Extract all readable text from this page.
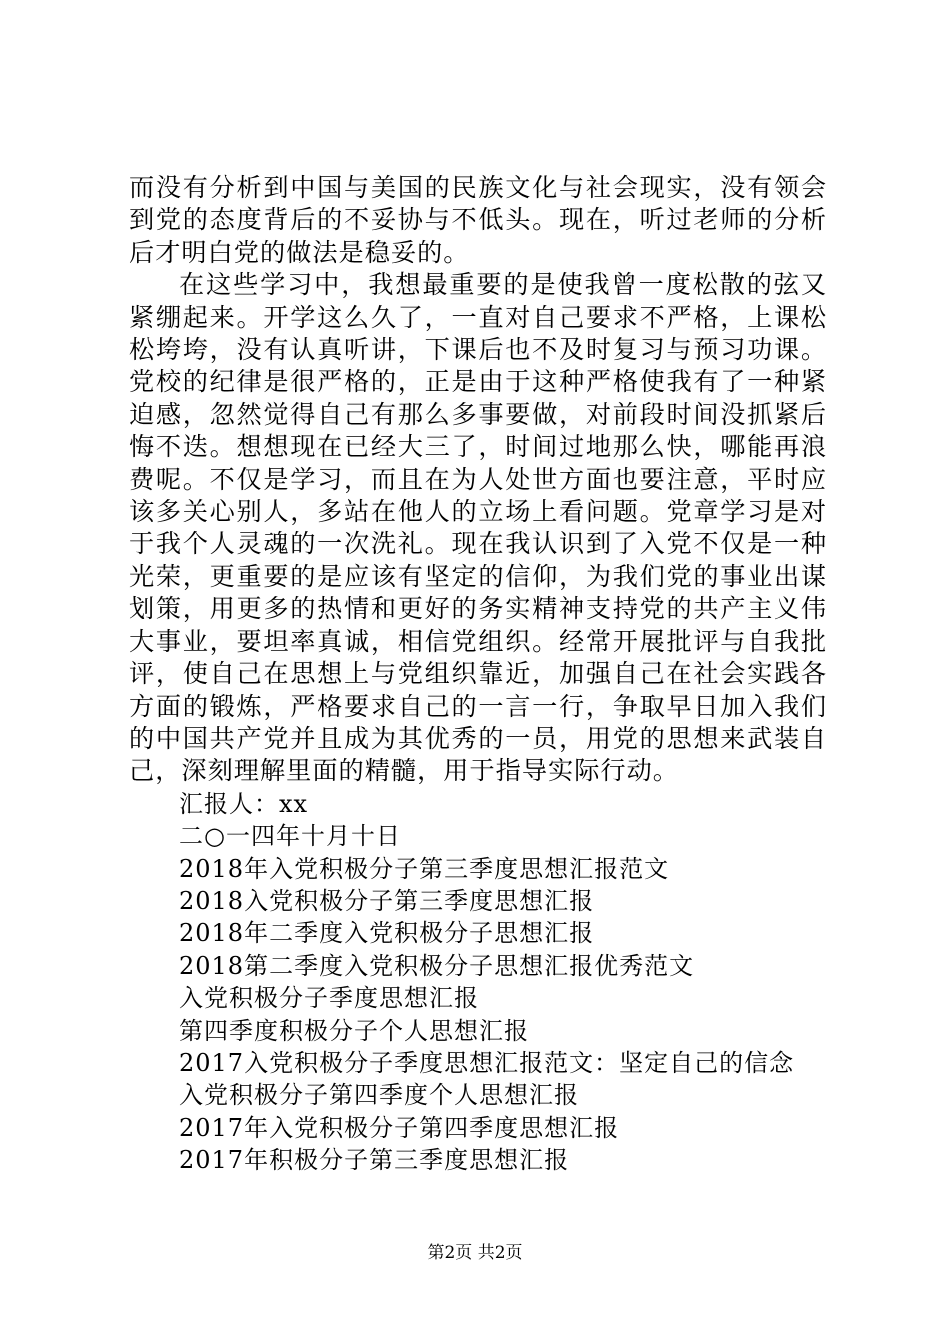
而没有分析到中国与美国的民族文化与社会现实，没有领会到党的态度背后的不妥协与不低头。现在，听过老师的分析后才明白党的做法是稳妥的。

在这些学习中，我想最重要的是使我曾一度松散的弦又紧绷起来。开学这么久了，一直对自己要求不严格，上课松松垮垮，没有认真听讲，下课后也不及时复习与预习功课。党校的纪律是很严格的，正是由于这种严格使我有了一种紧迫感，忽然觉得自己有那么多事要做，对前段时间没抓紧后悔不迭。想想现在已经大三了，时间过地那么快，哪能再浪费呢。不仅是学习，而且在为人处世方面也要注意，平时应该多关心别人，多站在他人的立场上看问题。党章学习是对于我个人灵魂的一次洗礼。现在我认识到了入党不仅是一种光荣，更重要的是应该有坚定的信仰，为我们党的事业出谋划策，用更多的热情和更好的务实精神支持党的共产主义伟大事业，要坦率真诚，相信党组织。经常开展批评与自我批评，使自己在思想上与党组织靠近，加强自己在社会实践各方面的锻炼，严格要求自己的一言一行，争取早日加入我们的中国共产党并且成为其优秀的一员，用党的思想来武装自己，深刻理解里面的精髓，用于指导实际行动。

汇报人：xx

二○一四年十月十日

2018年入党积极分子第三季度思想汇报范文

2018入党积极分子第三季度思想汇报

2018年二季度入党积极分子思想汇报

2018第二季度入党积极分子思想汇报优秀范文

入党积极分子季度思想汇报

第四季度积极分子个人思想汇报

2017入党积极分子季度思想汇报范文：坚定自己的信念

入党积极分子第四季度个人思想汇报

2017年入党积极分子第四季度思想汇报

2017年积极分子第三季度思想汇报

第2页 共2页
